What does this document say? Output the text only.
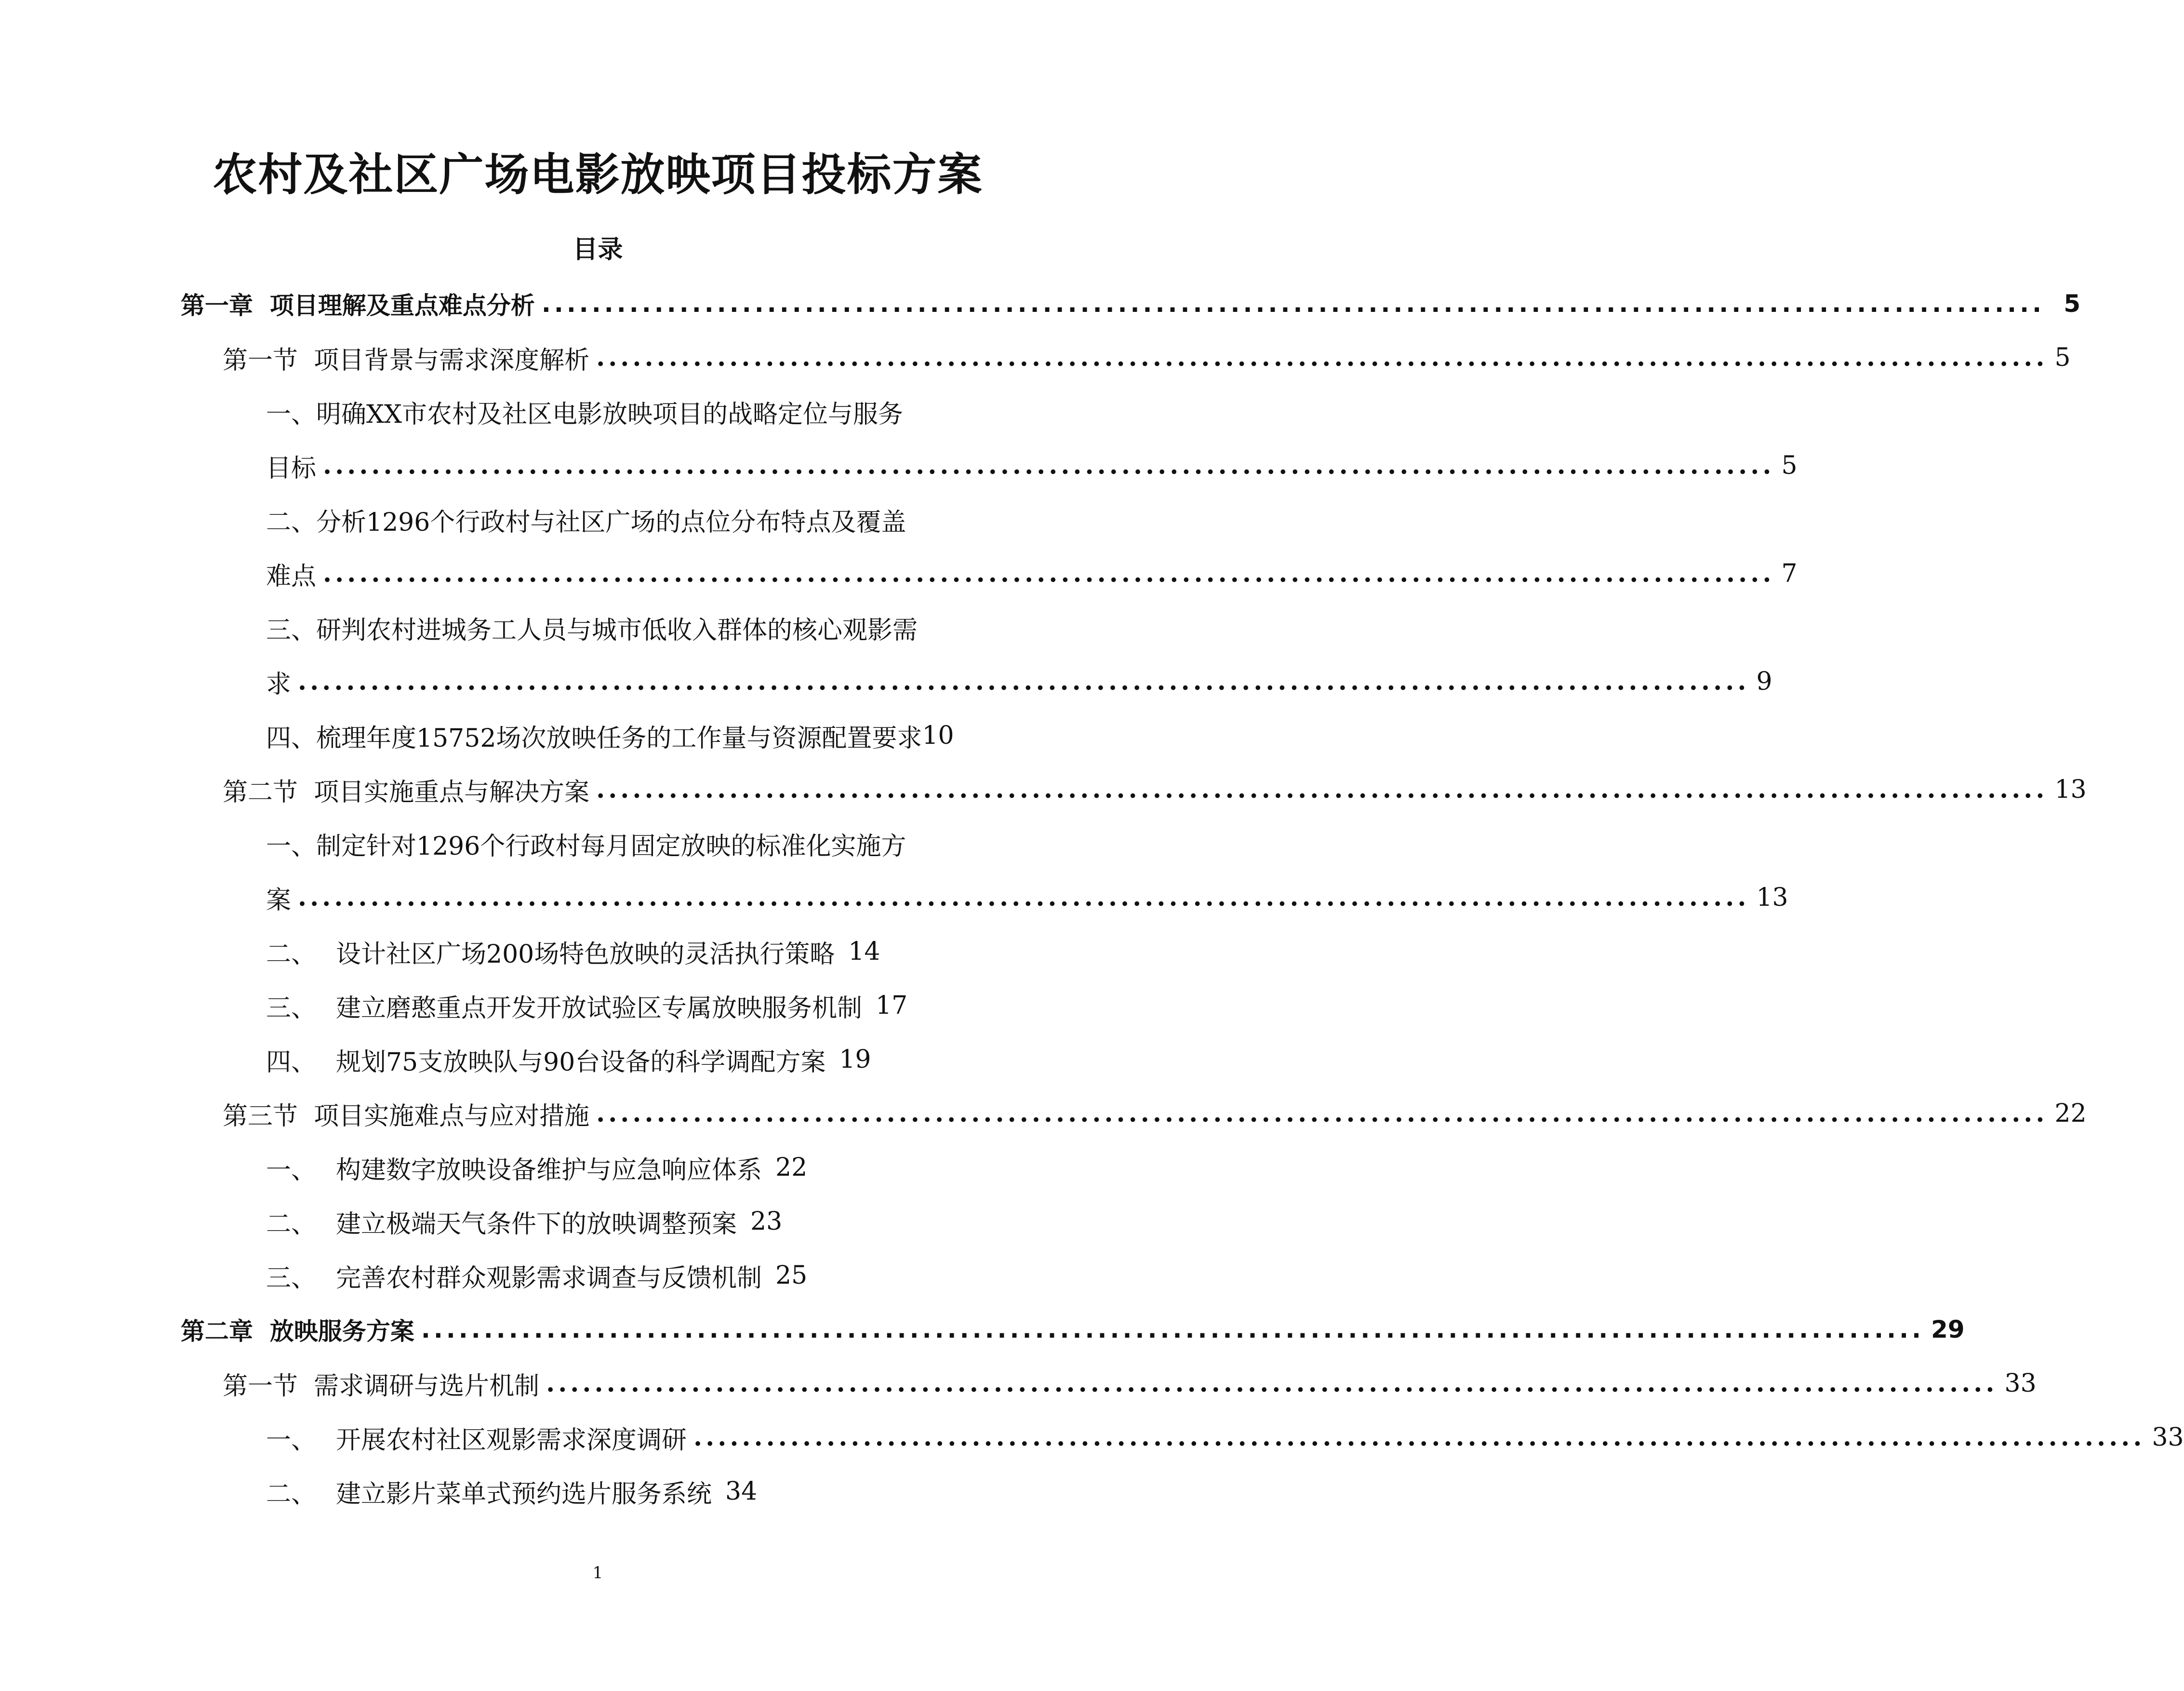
农村及社区广场电影放映项目投标方案
目录
第一章 项目理解及重点难点分析 ........................................................................................................................ 5
第一节 项目背景与需求深度解析 ........................................................................................................................ 5
一、 明确XX市农村及社区电影放映项目的战略定位与服务
目标 ........................................................................................................................ 5
二、 分析1296个行政村与社区广场的点位分布特点及覆盖
难点 ........................................................................................................................ 7
三、 研判农村进城务工人员与城市低收入群体的核心观影需
求 ........................................................................................................................ 9
四、 梳理年度15752场次放映任务的工作量与资源配置要求 10
第二节 项目实施重点与解决方案 ........................................................................................................................ 13
一、 制定针对1296个行政村每月固定放映的标准化实施方
案 ........................................................................................................................ 13
二、 设计社区广场200场特色放映的灵活执行策略 14
三、 建立磨憨重点开发开放试验区专属放映服务机制 17
四、 规划75支放映队与90台设备的科学调配方案 19
第三节 项目实施难点与应对措施 ........................................................................................................................ 22
一、 构建数字放映设备维护与应急响应体系 22
二、 建立极端天气条件下的放映调整预案 23
三、 完善农村群众观影需求调查与反馈机制 25
第二章 放映服务方案 ........................................................................................................................ 29
第一节 需求调研与选片机制 ........................................................................................................................ 33
一、 开展农村社区观影需求深度调研 ........................................................................................................................ 33
二、 建立影片菜单式预约选片服务系统 34
1
